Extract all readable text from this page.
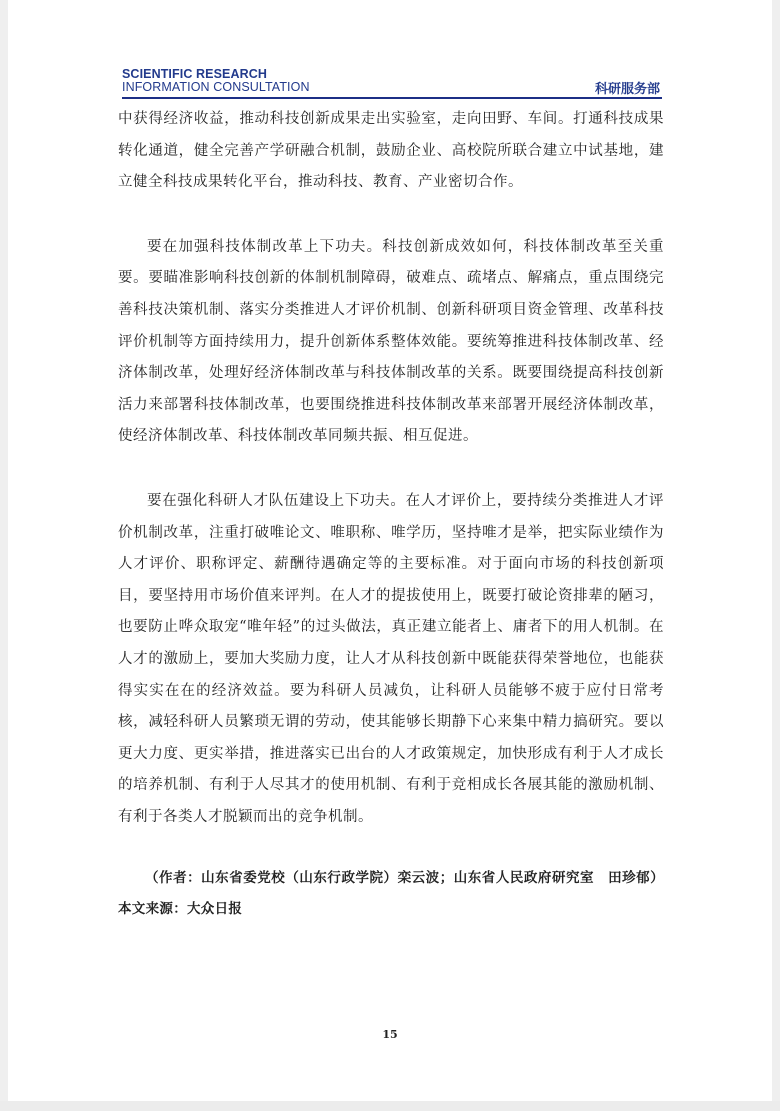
SCIENTIFIC RESEARCH
INFORMATION CONSULTATION	科研服务部

中获得经济收益，推动科技创新成果走出实验室，走向田野、车间。打通科技成果转化通道，健全完善产学研融合机制，鼓励企业、高校院所联合建立中试基地，建立健全科技成果转化平台，推动科技、教育、产业密切合作。

要在加强科技体制改革上下功夫。科技创新成效如何，科技体制改革至关重要。要瞄准影响科技创新的体制机制障碍，破难点、疏堵点、解痛点，重点围绕完善科技决策机制、落实分类推进人才评价机制、创新科研项目资金管理、改革科技评价机制等方面持续用力，提升创新体系整体效能。要统筹推进科技体制改革、经济体制改革，处理好经济体制改革与科技体制改革的关系。既要围绕提高科技创新活力来部署科技体制改革，也要围绕推进科技体制改革来部署开展经济体制改革，使经济体制改革、科技体制改革同频共振、相互促进。

要在强化科研人才队伍建设上下功夫。在人才评价上，要持续分类推进人才评价机制改革，注重打破唯论文、唯职称、唯学历，坚持唯才是举，把实际业绩作为人才评价、职称评定、薪酬待遇确定等的主要标准。对于面向市场的科技创新项目，要坚持用市场价值来评判。在人才的提拔使用上，既要打破论资排辈的陋习，也要防止哗众取宠“唯年轻”的过头做法，真正建立能者上、庸者下的用人机制。在人才的激励上，要加大奖励力度，让人才从科技创新中既能获得荣誉地位，也能获得实实在在的经济效益。要为科研人员减负，让科研人员能够不疲于应付日常考核，减轻科研人员繁琐无谓的劳动，使其能够长期静下心来集中精力搞研究。要以更大力度、更实举措，推进落实已出台的人才政策规定，加快形成有利于人才成长的培养机制、有利于人尽其才的使用机制、有利于竞相成长各展其能的激励机制、有利于各类人才脱颖而出的竞争机制。

（作者：山东省委党校（山东行政学院）栾云波；山东省人民政府研究室　田珍郁）本文来源：大众日报

15
